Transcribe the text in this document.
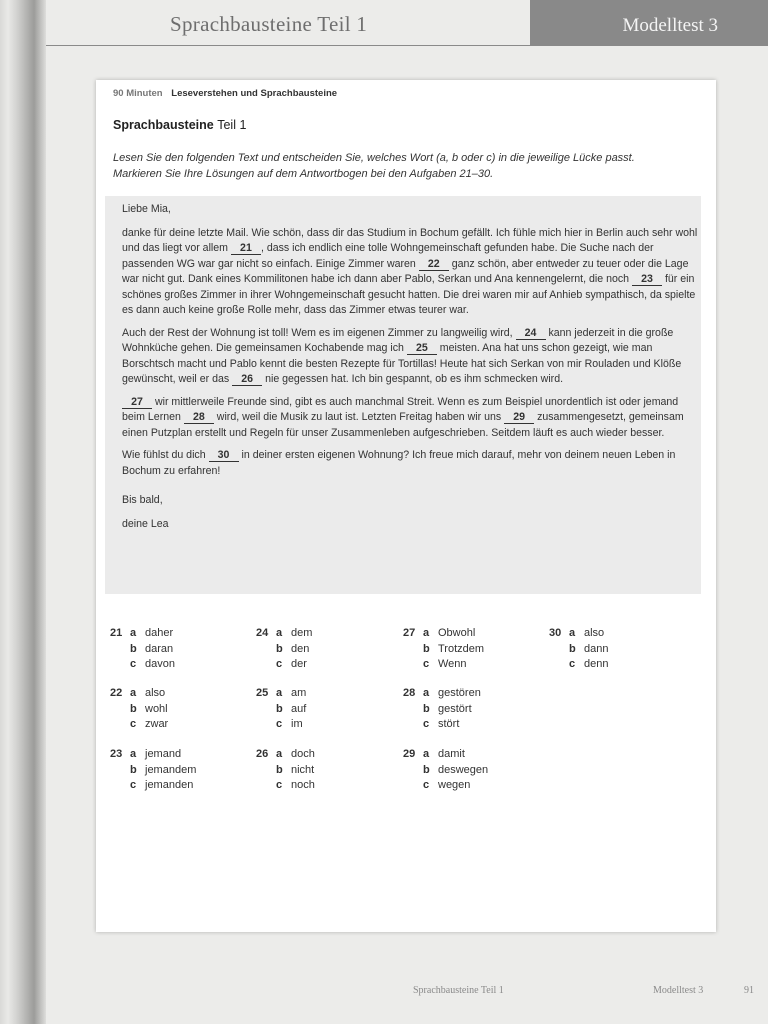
Sprachbausteine Teil 1	Modelltest 3
90 Minuten Leseverstehen und Sprachbausteine
Sprachbausteine Teil 1
Lesen Sie den folgenden Text und entscheiden Sie, welches Wort (a, b oder c) in die jeweilige Lücke passt. Markieren Sie Ihre Lösungen auf dem Antwortbogen bei den Aufgaben 21–30.

Liebe Mia,

danke für deine letzte Mail. Wie schön, dass dir das Studium in Bochum gefällt. Ich fühle mich hier in Berlin auch sehr wohl und das liegt vor allem 21 , dass ich endlich eine tolle Wohngemeinschaft gefunden habe. Die Suche nach der passenden WG war gar nicht so einfach. Einige Zimmer waren 22 ganz schön, aber entweder zu teuer oder die Lage war nicht gut. Dank eines Kommilitonen habe ich dann aber Pablo, Serkan und Ana kennengelernt, die noch 23 für ein schönes großes Zimmer in ihrer Wohngemeinschaft gesucht hatten. Die drei waren mir auf Anhieb sympathisch, da spielte es dann auch keine große Rolle mehr, dass das Zimmer etwas teurer war.

Auch der Rest der Wohnung ist toll! Wem es im eigenen Zimmer zu langweilig wird, 24 kann jederzeit in die große Wohnküche gehen. Die gemeinsamen Kochabende mag ich 25 meisten. Ana hat uns schon gezeigt, wie man Borschtsch macht und Pablo kennt die besten Rezepte für Tortillas! Heute hat sich Serkan von mir Rouladen und Klöße gewünscht, weil er das 26 nie gegessen hat. Ich bin gespannt, ob es ihm schmecken wird.

27 wir mittlerweile Freunde sind, gibt es auch manchmal Streit. Wenn es zum Beispiel unordentlich ist oder jemand beim Lernen 28 wird, weil die Musik zu laut ist. Letzten Freitag haben wir uns 29 zusammengesetzt, gemeinsam einen Putzplan erstellt und Regeln für unser Zusammenleben aufgeschrieben. Seitdem läuft es auch wieder besser.

Wie fühlst du dich 30 in deiner ersten eigenen Wohnung? Ich freue mich darauf, mehr von deinem neuen Leben in Bochum zu erfahren!

Bis bald,

deine Lea

21 a daher
b daran
c davon
22 a also
b wohl
c zwar
23 a jemand
b jemandem
c jemanden
24 a dem
b den
c der
25 a am
b auf
c im
26 a doch
b nicht
c noch
27 a Obwohl
b Trotzdem
c Wenn
28 a gestören
b gestört
c stört
29 a damit
b deswegen
c wegen
30 a also
b dann
c denn
Sprachbausteine Teil 1	Modelltest 3	91
